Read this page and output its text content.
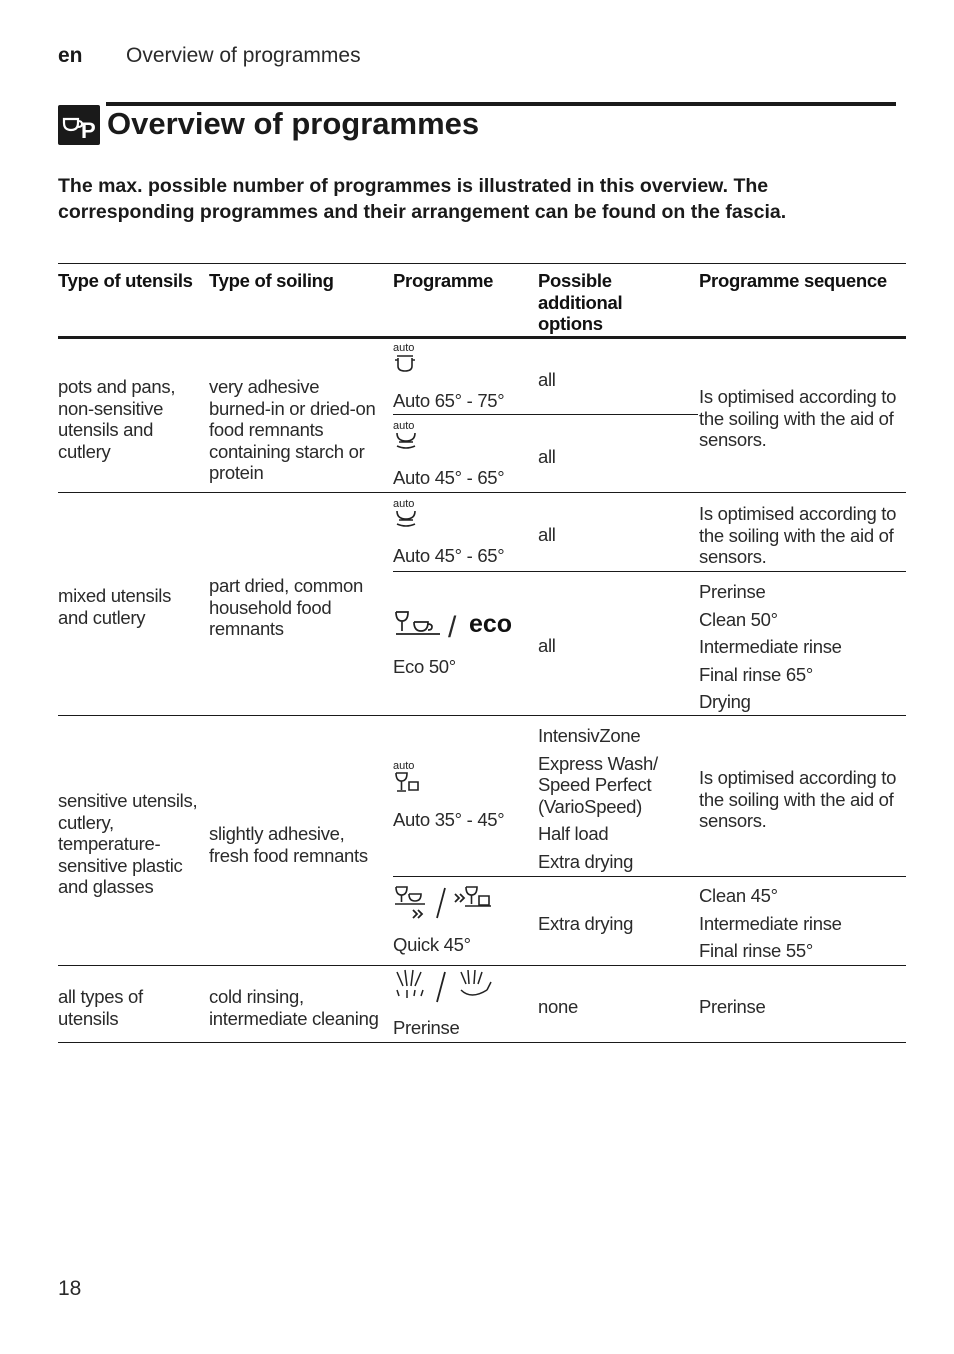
en Overview of programmes
P Overview of programmes

The max. possible number of programmes is illustrated in this overview. The corresponding programmes and their arrangement can be found on the fascia.

Type of utensils Type of soiling	Programme Possible additional options
Programme sequence
pots and pans, non-sensitive utensils and cutlery
very adhesive burned-in or dried-on food remnants containing starch or protein
auto
Auto 65° - 75°
all
auto
Auto 45° - 65°
all
Is optimised according to the soiling with the aid of sensors.
mixed utensils and cutlery
part dried, common household food remnants
auto
Auto 45° - 65°
all
Is optimised according to the soiling with the aid of sensors.
/ eco
Eco 50°
all
Prerinse
Clean 50°
Intermediate rinse
Final rinse 65°
Drying
sensitive utensils, cutlery, temperature-sensitive plastic and glasses
slightly adhesive, fresh food remnants
auto
Auto 35° - 45°
IntensivZone
Express Wash/ Speed Perfect (VarioSpeed)
Half load
Extra drying
Is optimised according to the soiling with the aid of sensors.
Quick 45°
Extra drying
Clean 45°
Intermediate rinse
Final rinse 55°
all types of utensils
cold rinsing, intermediate cleaning Prerinse
none	Prerinse
18
